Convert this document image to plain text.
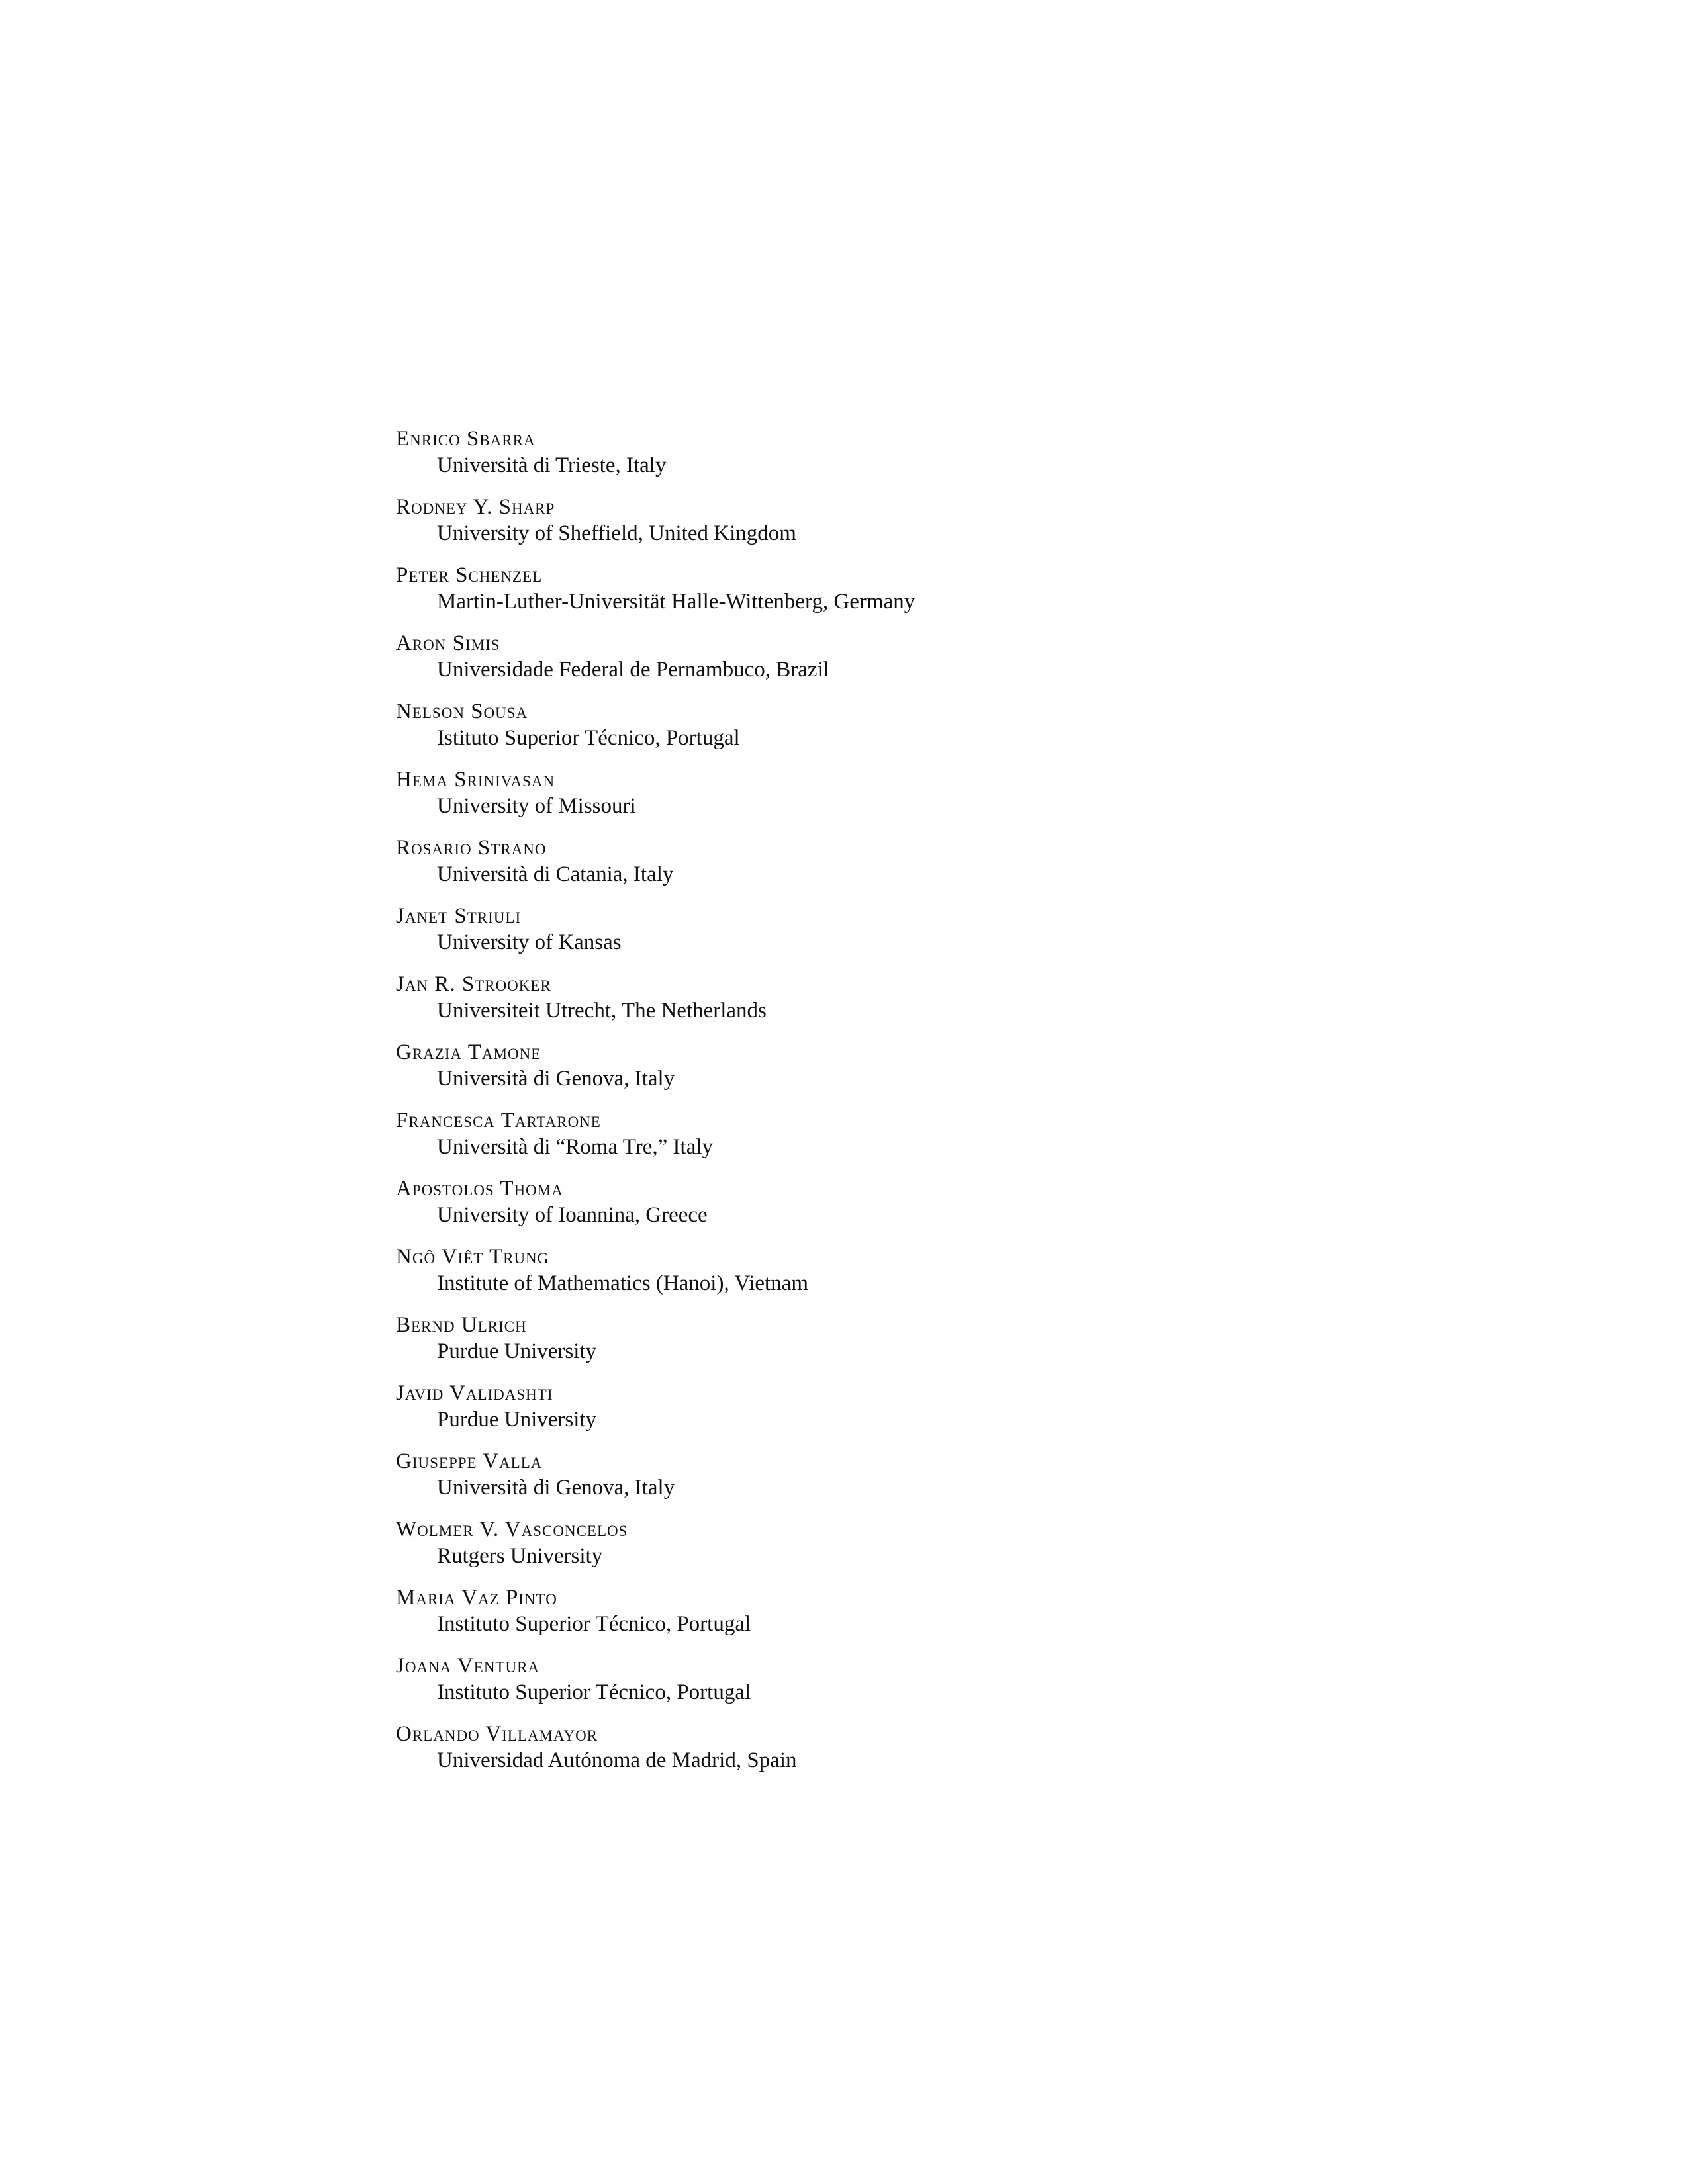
Enrico Sbarra
Università di Trieste, Italy
Rodney Y. Sharp
University of Sheffield, United Kingdom
Peter Schenzel
Martin-Luther-Universität Halle-Wittenberg, Germany
Aron Simis
Universidade Federal de Pernambuco, Brazil
Nelson Sousa
Istituto Superior Técnico, Portugal
Hema Srinivasan
University of Missouri
Rosario Strano
Università di Catania, Italy
Janet Striuli
University of Kansas
Jan R. Strooker
Universiteit Utrecht, The Netherlands
Grazia Tamone
Università di Genova, Italy
Francesca Tartarone
Università di “Roma Tre,” Italy
Apostolos Thoma
University of Ioannina, Greece
Ngô Viêt Trung
Institute of Mathematics (Hanoi), Vietnam
Bernd Ulrich
Purdue University
Javid Validashti
Purdue University
Giuseppe Valla
Università di Genova, Italy
Wolmer V. Vasconcelos
Rutgers University
Maria Vaz Pinto
Instituto Superior Técnico, Portugal
Joana Ventura
Instituto Superior Técnico, Portugal
Orlando Villamayor
Universidad Autónoma de Madrid, Spain
